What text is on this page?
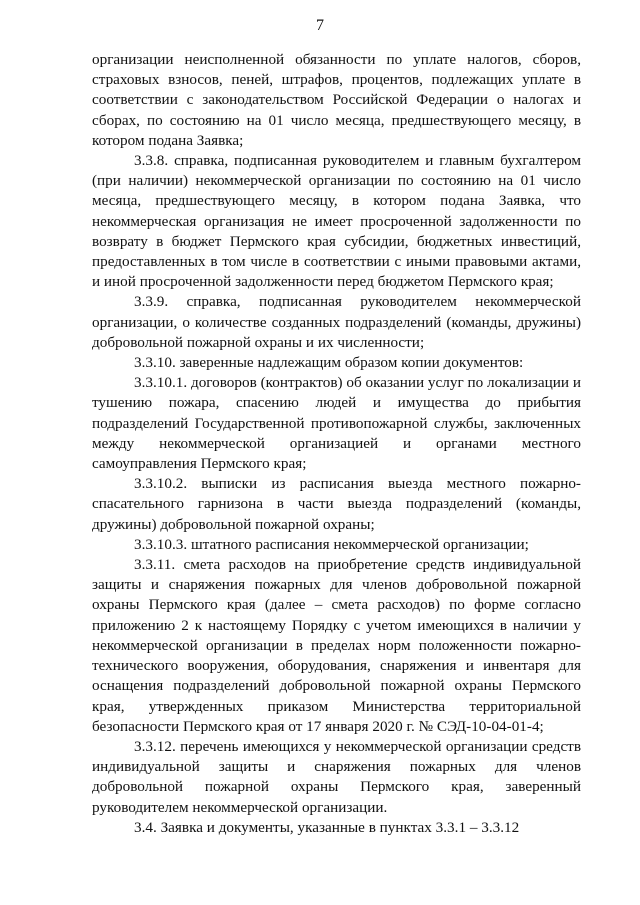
7

организации неисполненной обязанности по уплате налогов, сборов, страховых взносов, пеней, штрафов, процентов, подлежащих уплате в соответствии с законодательством Российской Федерации о налогах и сборах, по состоянию на 01 число месяца, предшествующего месяцу, в котором подана Заявка;

3.3.8. справка, подписанная руководителем и главным бухгалтером (при наличии) некоммерческой организации по состоянию на 01 число месяца, предшествующего месяцу, в котором подана Заявка, что некоммерческая организация не имеет просроченной задолженности по возврату в бюджет Пермского края субсидии, бюджетных инвестиций, предоставленных в том числе в соответствии с иными правовыми актами, и иной просроченной задолженности перед бюджетом Пермского края;

3.3.9. справка, подписанная руководителем некоммерческой организации, о количестве созданных подразделений (команды, дружины) добровольной пожарной охраны и их численности;

3.3.10. заверенные надлежащим образом копии документов:

3.3.10.1. договоров (контрактов) об оказании услуг по локализации и тушению пожара, спасению людей и имущества до прибытия подразделений Государственной противопожарной службы, заключенных между некоммерческой организацией и органами местного самоуправления Пермского края;

3.3.10.2. выписки из расписания выезда местного пожарно-спасательного гарнизона в части выезда подразделений (команды, дружины) добровольной пожарной охраны;

3.3.10.3. штатного расписания некоммерческой организации;

3.3.11. смета расходов на приобретение средств индивидуальной защиты и снаряжения пожарных для членов добровольной пожарной охраны Пермского края (далее – смета расходов) по форме согласно приложению 2 к настоящему Порядку с учетом имеющихся в наличии у некоммерческой организации в пределах норм положенности пожарно-технического вооружения, оборудования, снаряжения и инвентаря для оснащения подразделений добровольной пожарной охраны Пермского края, утвержденных приказом Министерства территориальной безопасности Пермского края от 17 января 2020 г. № СЭД-10-04-01-4;

3.3.12. перечень имеющихся у некоммерческой организации средств индивидуальной защиты и снаряжения пожарных для членов добровольной пожарной охраны Пермского края, заверенный руководителем некоммерческой организации.

3.4. Заявка и документы, указанные в пунктах 3.3.1 – 3.3.12
